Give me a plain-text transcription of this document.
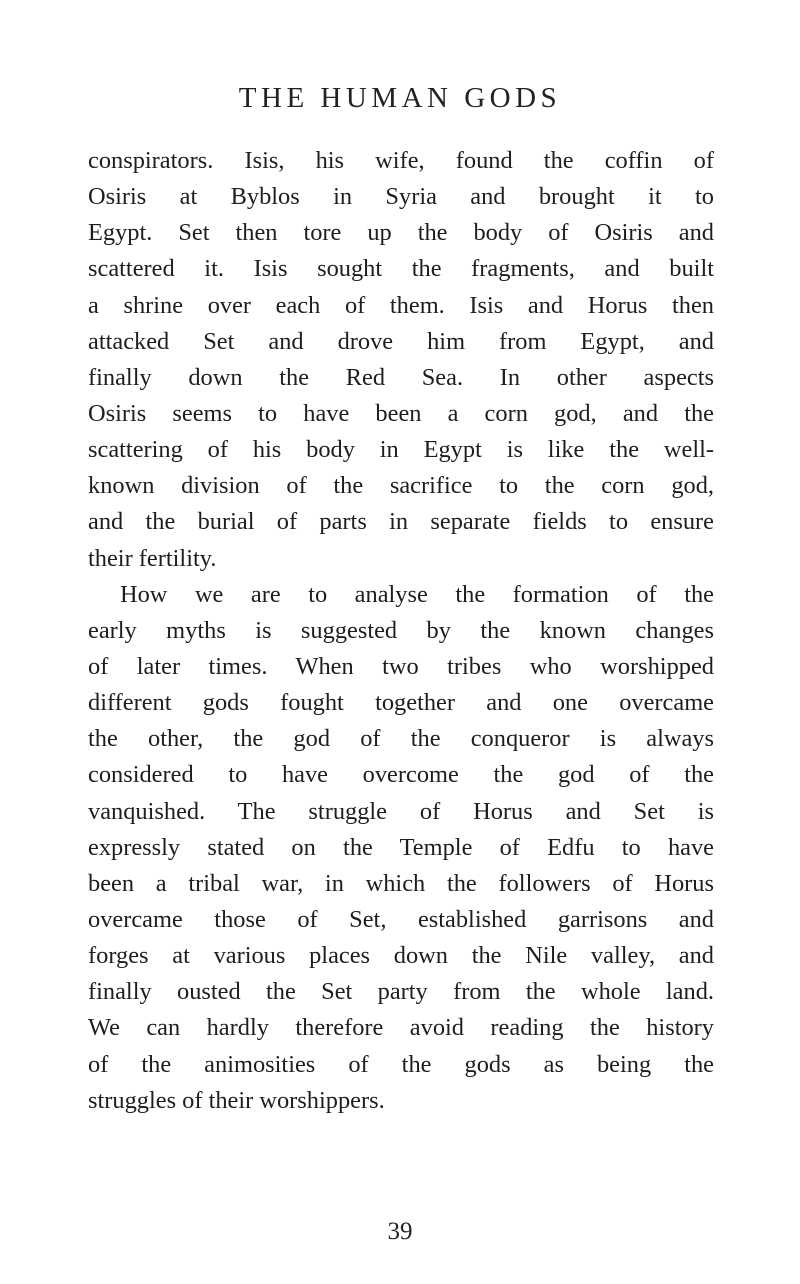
THE HUMAN GODS
conspirators. Isis, his wife, found the coffin of
Osiris at Byblos in Syria and brought it to
Egypt. Set then tore up the body of Osiris and
scattered it. Isis sought the fragments, and built
a shrine over each of them. Isis and Horus then
attacked Set and drove him from Egypt, and
finally down the Red Sea. In other aspects
Osiris seems to have been a corn god, and the
scattering of his body in Egypt is like the well-
known division of the sacrifice to the corn god,
and the burial of parts in separate fields to ensure
their fertility.
How we are to analyse the formation of the
early myths is suggested by the known changes
of later times. When two tribes who worshipped
different gods fought together and one overcame
the other, the god of the conqueror is always
considered to have overcome the god of the
vanquished. The struggle of Horus and Set is
expressly stated on the Temple of Edfu to have
been a tribal war, in which the followers of Horus
overcame those of Set, established garrisons and
forges at various places down the Nile valley, and
finally ousted the Set party from the whole land.
We can hardly therefore avoid reading the history
of the animosities of the gods as being the
struggles of their worshippers.
39
